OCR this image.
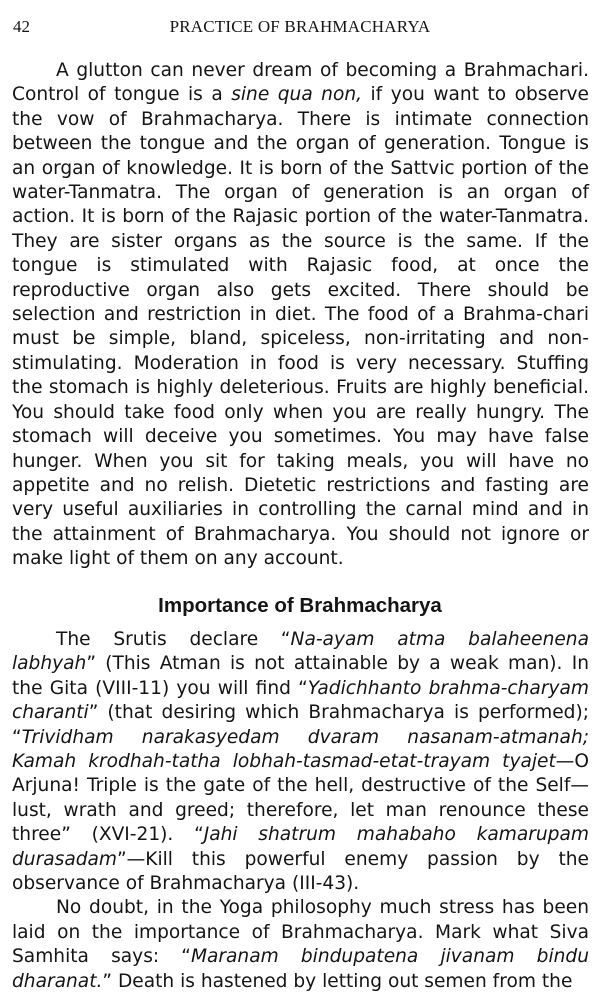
42	PRACTICE OF BRAHMACHARYA

A glutton can never dream of becoming a Brahmachari. Control of tongue is a sine qua non, if you want to observe the vow of Brahmacharya. There is intimate connection between the tongue and the organ of generation. Tongue is an organ of knowledge. It is born of the Sattvic portion of the water-Tanmatra. The organ of generation is an organ of action. It is born of the Rajasic portion of the water-Tanmatra. They are sister organs as the source is the same. If the tongue is stimulated with Rajasic food, at once the reproductive organ also gets excited. There should be selection and restriction in diet. The food of a Brahma-chari must be simple, bland, spiceless, non-irritating and non-stimulating. Moderation in food is very necessary. Stuffing the stomach is highly deleterious. Fruits are highly beneficial. You should take food only when you are really hungry. The stomach will deceive you sometimes. You may have false hunger. When you sit for taking meals, you will have no appetite and no relish. Dietetic restrictions and fasting are very useful auxiliaries in controlling the carnal mind and in the attainment of Brahmacharya. You should not ignore or make light of them on any account.

Importance of Brahmacharya

The Srutis declare “Na-ayam atma balaheenena labhyah” (This Atman is not attainable by a weak man). In the Gita (VIII-11) you will find “Yadichhanto brahma-charyam charanti” (that desiring which Brahmacharya is performed); “Trividham narakasyedam dvaram nasanam-atmanah; Kamah krodhah-tatha lobhah-tasmad-etat-trayam tyajet—O Arjuna! Triple is the gate of the hell, destructive of the Self—lust, wrath and greed; therefore, let man renounce these three” (XVI-21). “Jahi shatrum mahabaho kamarupam durasadam”—Kill this powerful enemy passion by the observance of Brahmacharya (III-43).

No doubt, in the Yoga philosophy much stress has been laid on the importance of Brahmacharya. Mark what Siva Samhita says: “Maranam bindupatena jivanam bindu dharanat.” Death is hastened by letting out semen from the
